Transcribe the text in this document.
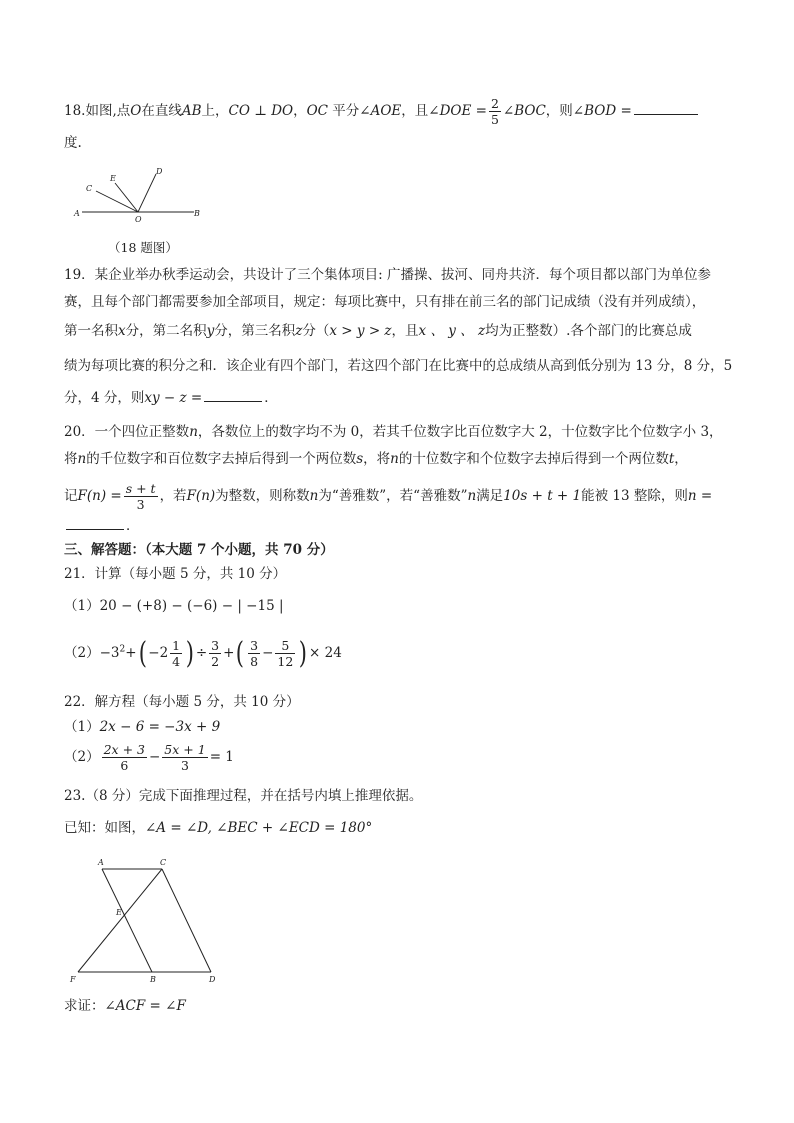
18.如图,点O在直线AB上，CO ⊥ DO，OC 平分∠AOE，且∠DOE = $\frac{2}{5}$ ∠BOC，则∠BOD =
度.
C
E
D
A
O
B
（18 题图）
19．某企业举办秋季运动会，共设计了三个集体项目: 广播操、拔河、同舟共济．每个项目都以部门为单位参
赛，且每个部门都需要参加全部项目，规定：每项比赛中，只有排在前三名的部门记成绩（没有并列成绩），
第一名积x分，第二名积y分，第三名积z分（x > y > z，且x 、 y 、 z均为正整数）.各个部门的比赛总成
绩为每项比赛的积分之和．该企业有四个部门，若这四个部门在比赛中的总成绩从高到低分别为 13 分，8 分，5
分，4 分，则xy − z =	．
20．一个四位正整数n，各数位上的数字均不为 0，若其千位数字比百位数字大 2，十位数字比个位数字小 3，
将n的千位数字和百位数字去掉后得到一个两位数s，将n的十位数字和个位数字去掉后得到一个两位数t，
记$F(n) = \frac{s + t}{3}$ ，若F(n)为整数，则称数n为“善雅数”，若“善雅数”n满足10s + t + 1能被 13 整除，则n =
．
三、解答题：（本大题 7 个小题，共 70 分）
21．计算（每小题 5 分，共 10 分）
（1）20 − (+8) − (−6) − | −15 |
$(2)-3^2+( -2 \frac{1}{4}$ ) ÷ $\frac{3}{2}$ +( $\frac{3}{8} - \frac{5}{12}$ ) × 24
22．解方程（每小题 5 分，共 10 分）
（1）2x − 6 = −3x + 9
$(2) \frac{2x + 3}{6} - \frac{5x + 1}{3} = 1$
23.（8 分）完成下面推理过程，并在括号内填上推理依据。
已知：如图，∠A = ∠D, ∠BEC + ∠ECD = 180°
A	C
E
F	B	D
求证：∠ACF = ∠F
